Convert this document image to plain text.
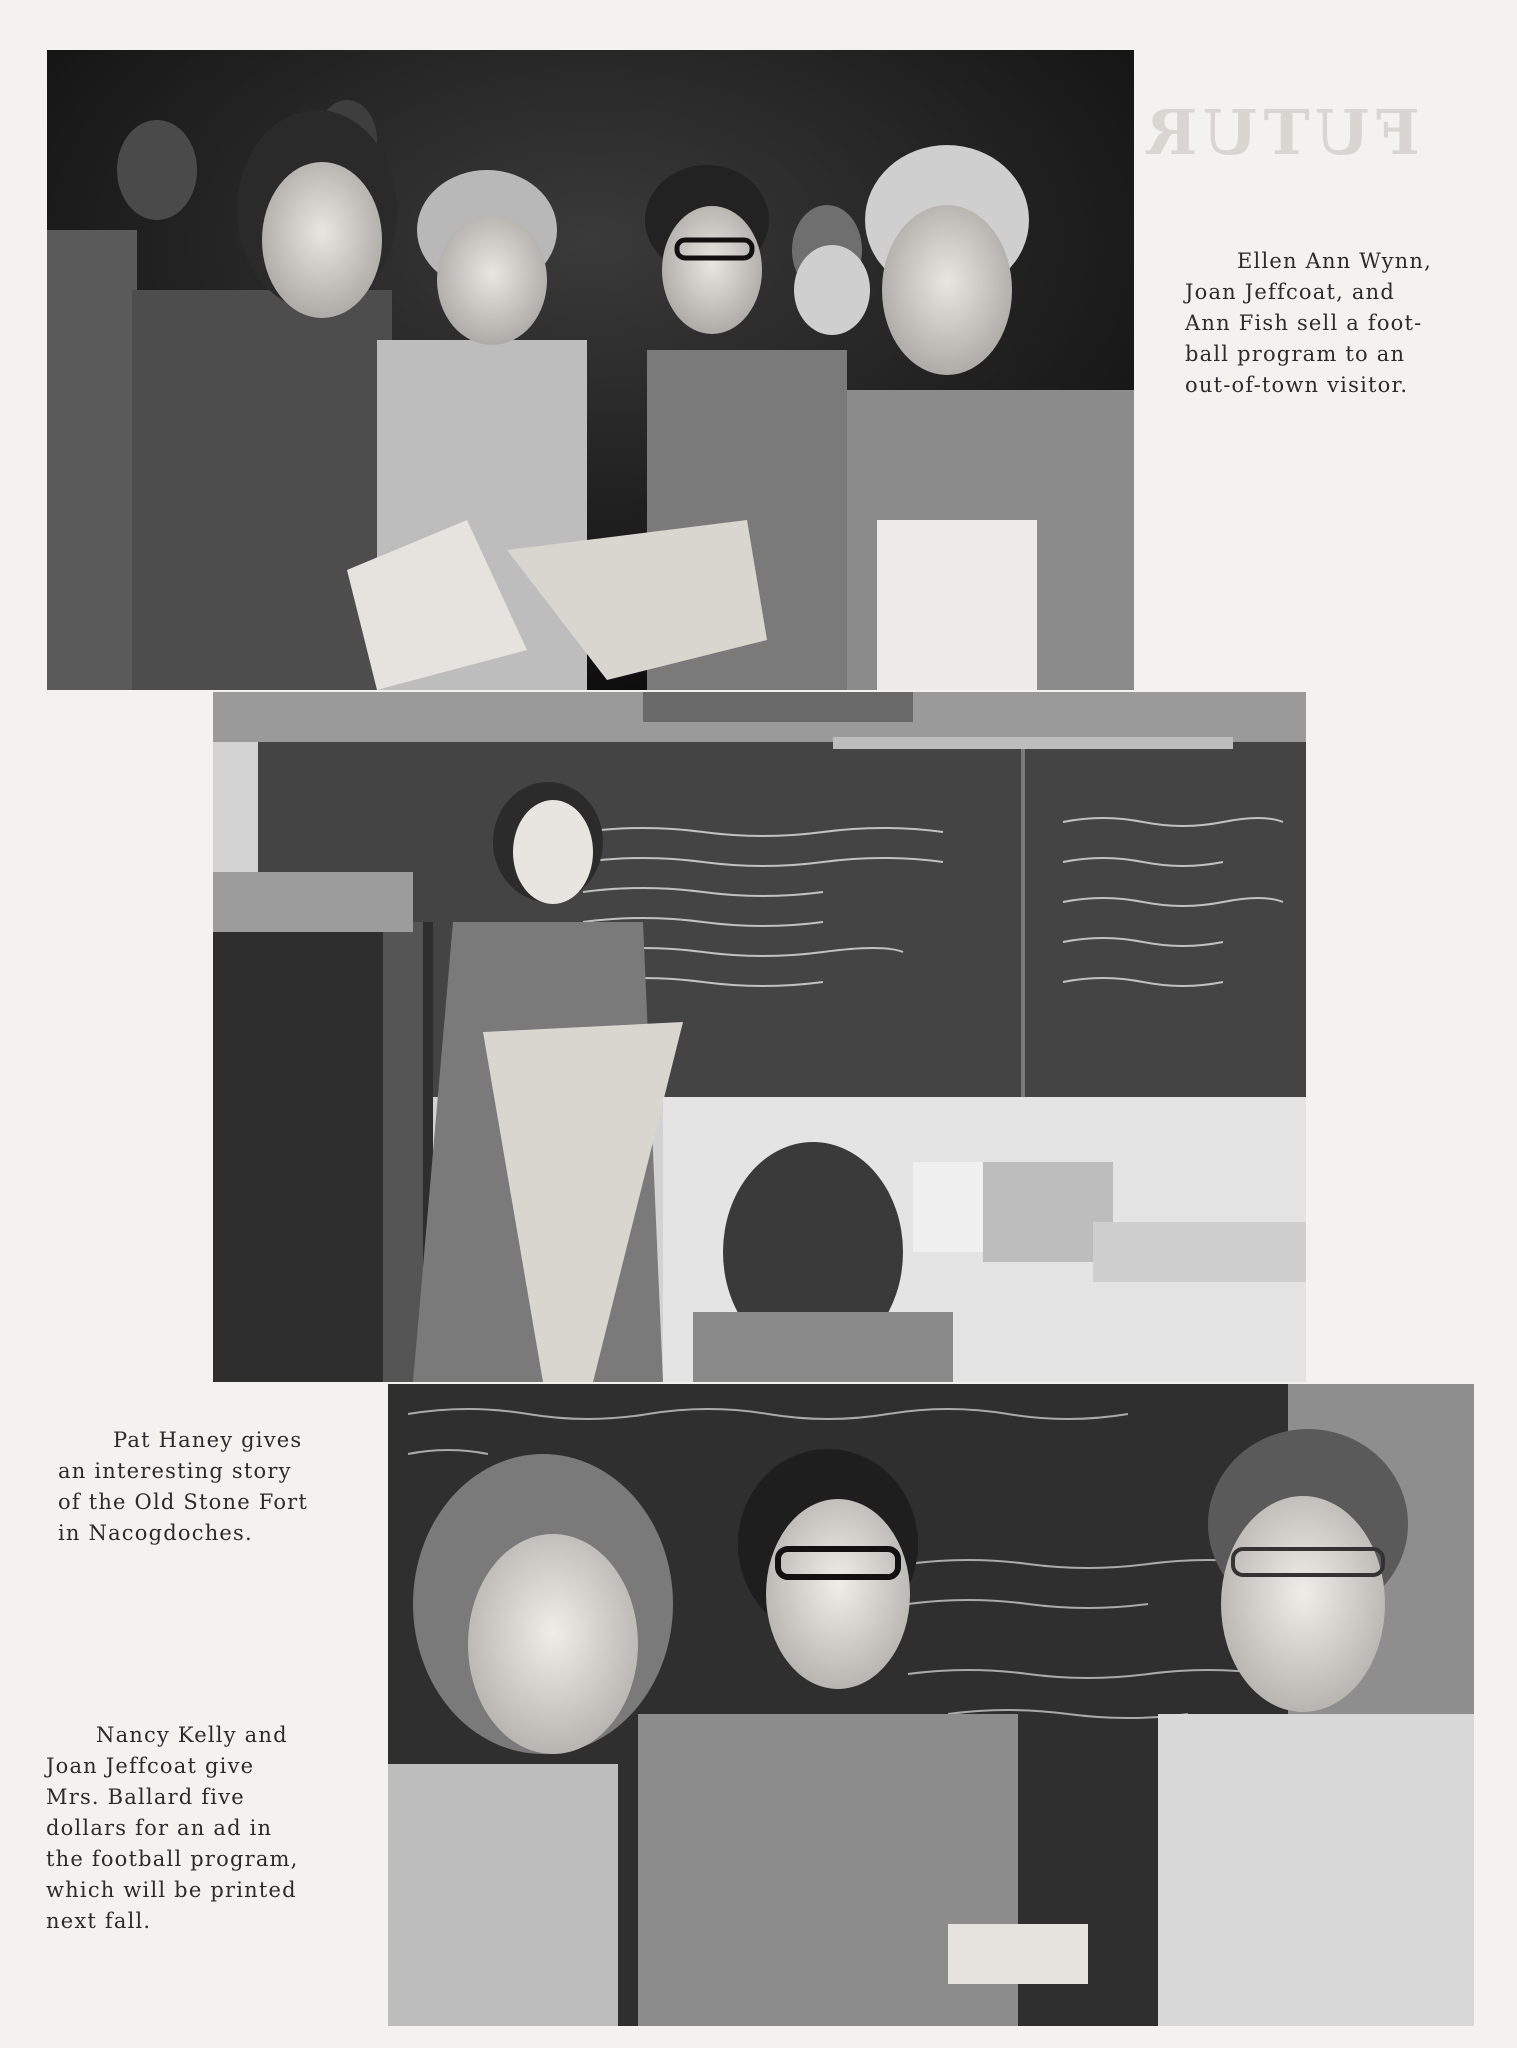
FUTUR
Ellen Ann Wynn,
Joan Jeffcoat, and
Ann Fish sell a foot-
ball program to an
out-of-town visitor.
Pat Haney gives
an interesting story
of the Old Stone Fort
in Nacogdoches.
Nancy Kelly and
Joan Jeffcoat give
Mrs. Ballard five
dollars for an ad in
the football program,
which will be printed
next fall.
